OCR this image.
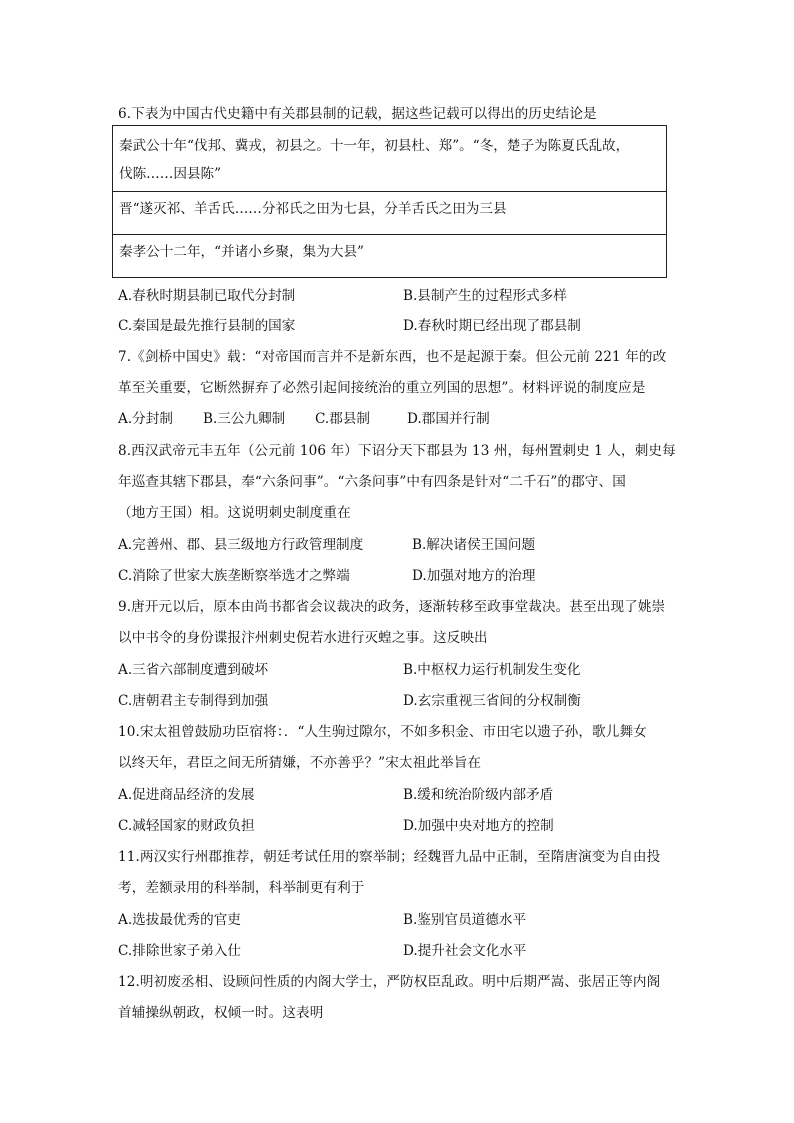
6.下表为中国古代史籍中有关郡县制的记载，据这些记载可以得出的历史结论是
秦武公十年“伐邦、冀戎，初县之。十一年，初县杜、郑”。“冬，楚子为陈夏氏乱故，
伐陈……因县陈”
晋“遂灭祁、羊舌氏……分祁氏之田为七县，分羊舌氏之田为三县
秦孝公十二年，“并诸小乡聚，集为大县”
A.春秋时期县制已取代分封制	B.县制产生的过程形式多样
C.秦国是最先推行县制的国家	D.春秋时期已经出现了郡县制
7.《剑桥中国史》载：“对帝国而言并不是新东西，也不是起源于秦。但公元前 221 年的改
革至关重要，它断然摒弃了必然引起间接统治的重立列国的思想”。材料评说的制度应是
A.分封制 B.三公九卿制 C.郡县制	D.郡国并行制
8.西汉武帝元丰五年（公元前 106 年）下诏分天下郡县为 13 州，每州置刺史 1 人，刺史每
年巡查其辖下郡县，奉“六条问事”。“六条问事”中有四条是针对“二千石”的郡守、国
（地方王国）相。这说明刺史制度重在
A.完善州、郡、县三级地方行政管理制度	B.解决诸侯王国问题
C.消除了世家大族垄断察举选才之弊端	D.加强对地方的治理
9.唐开元以后，原本由尚书都省会议裁决的政务，逐渐转移至政事堂裁决。甚至出现了姚崇
以中书令的身份谍报汴州刺史倪若水进行灭蝗之事。这反映出
A.三省六部制度遭到破坏	B.中枢权力运行机制发生变化
C.唐朝君主专制得到加强	D.玄宗重视三省间的分权制衡
10.宋太祖曾鼓励功臣宿将：．“人生驹过隙尔，不如多积金、市田宅以遗子孙，歌儿舞女
以终天年，君臣之间无所猜嫌，不亦善乎？”宋太祖此举旨在
A.促进商品经济的发展	B.缓和统治阶级内部矛盾
C.减轻国家的财政负担	D.加强中央对地方的控制
11.两汉实行州郡推荐，朝廷考试任用的察举制；经魏晋九品中正制，至隋唐演变为自由投
考，差额录用的科举制，科举制更有利于
A.选拔最优秀的官吏	B.鉴别官员道德水平
C.排除世家子弟入仕	D.提升社会文化水平
12.明初废丞相、设顾问性质的内阁大学士，严防权臣乱政。明中后期严嵩、张居正等内阁
首辅操纵朝政，权倾一时。这表明
